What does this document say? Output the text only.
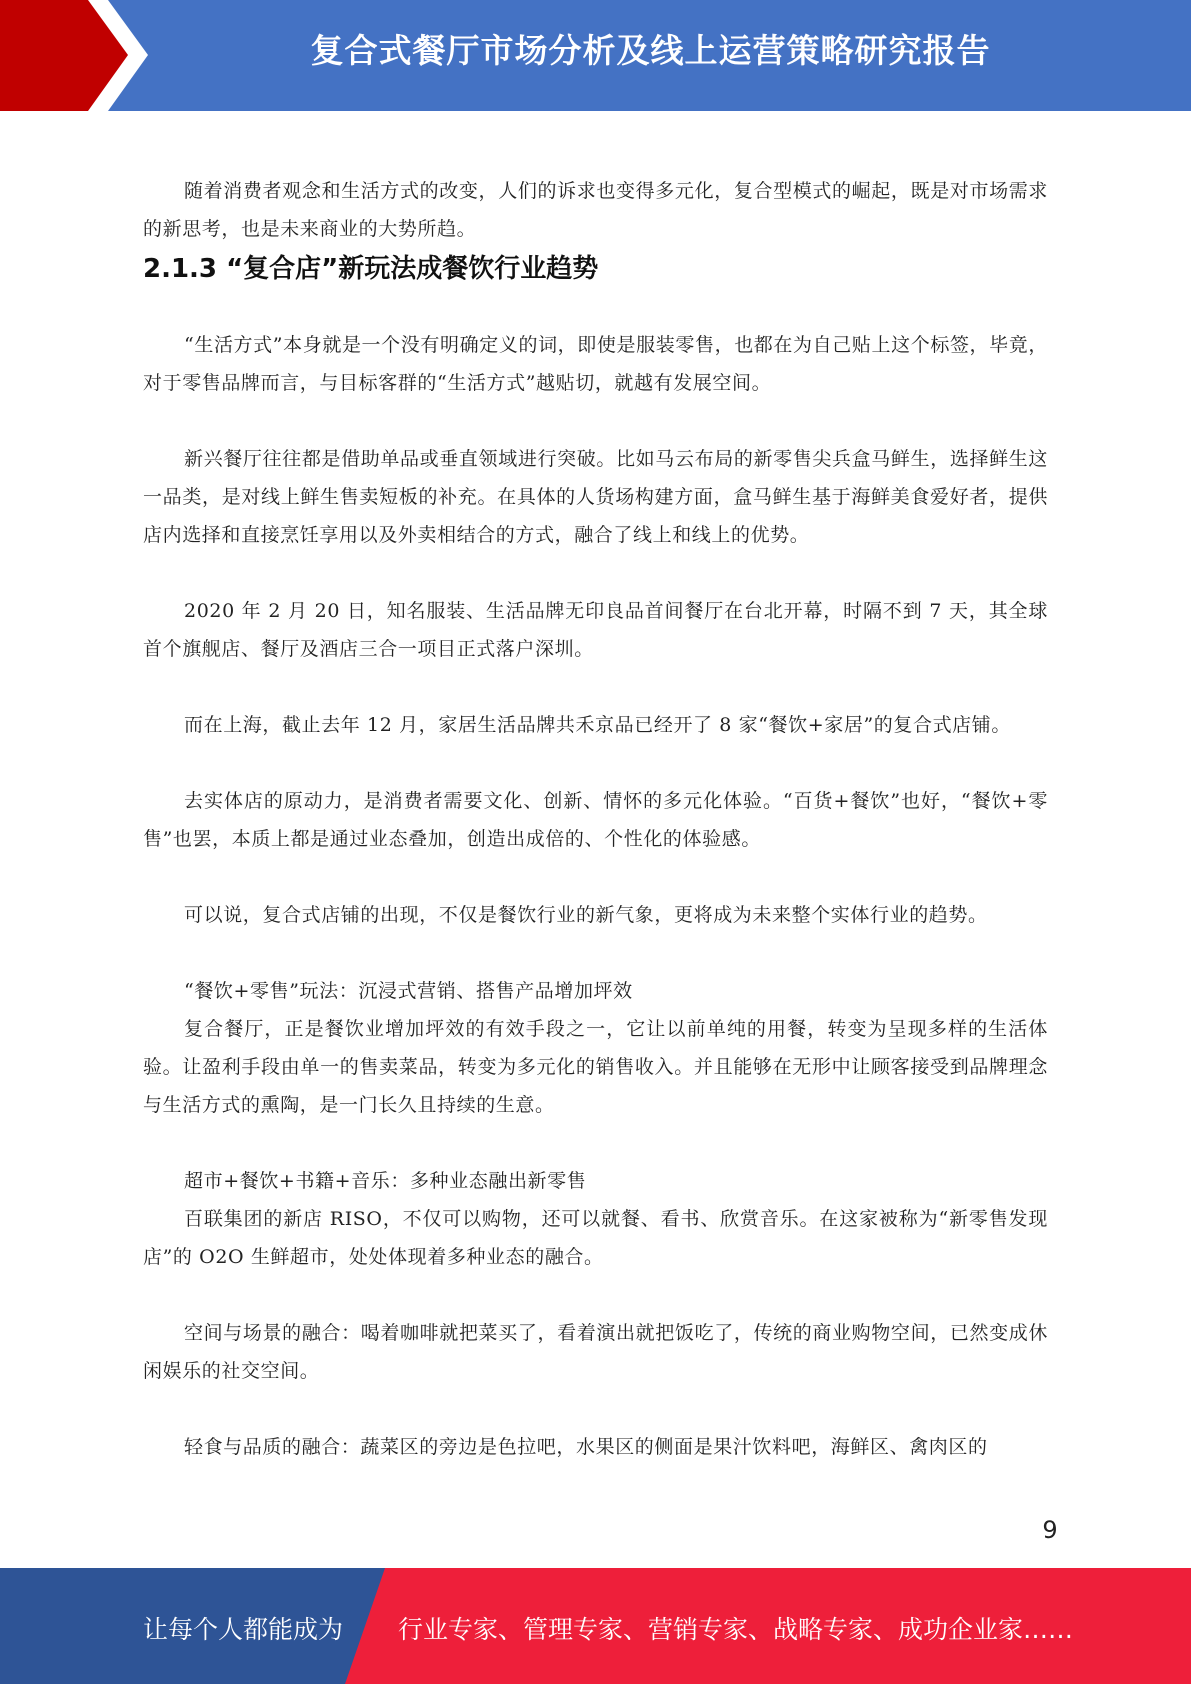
复合式餐厅市场分析及线上运营策略研究报告

随着消费者观念和生活方式的改变，人们的诉求也变得多元化，复合型模式的崛起，既是对市场需求的新思考，也是未来商业的大势所趋。

2.1.3 “复合店”新玩法成餐饮行业趋势

“生活方式”本身就是一个没有明确定义的词，即使是服装零售，也都在为自己贴上这个标签，毕竟，对于零售品牌而言，与目标客群的“生活方式”越贴切，就越有发展空间。

新兴餐厅往往都是借助单品或垂直领域进行突破。比如马云布局的新零售尖兵盒马鲜生，选择鲜生这一品类，是对线上鲜生售卖短板的补充。在具体的人货场构建方面，盒马鲜生基于海鲜美食爱好者，提供店内选择和直接烹饪享用以及外卖相结合的方式，融合了线上和线上的优势。

2020 年 2 月 20 日，知名服装、生活品牌无印良品首间餐厅在台北开幕，时隔不到 7 天，其全球首个旗舰店、餐厅及酒店三合一项目正式落户深圳。

而在上海，截止去年 12 月，家居生活品牌共禾京品已经开了 8 家“餐饮+家居”的复合式店铺。

去实体店的原动力，是消费者需要文化、创新、情怀的多元化体验。“百货+餐饮”也好，“餐饮+零售”也罢，本质上都是通过业态叠加，创造出成倍的、个性化的体验感。

可以说，复合式店铺的出现，不仅是餐饮行业的新气象，更将成为未来整个实体行业的趋势。

“餐饮+零售”玩法：沉浸式营销、搭售产品增加坪效

复合餐厅，正是餐饮业增加坪效的有效手段之一，它让以前单纯的用餐，转变为呈现多样的生活体验。让盈利手段由单一的售卖菜品，转变为多元化的销售收入。并且能够在无形中让顾客接受到品牌理念与生活方式的熏陶，是一门长久且持续的生意。

超市+餐饮+书籍+音乐：多种业态融出新零售

百联集团的新店 RISO，不仅可以购物，还可以就餐、看书、欣赏音乐。在这家被称为“新零售发现店”的 O2O 生鲜超市，处处体现着多种业态的融合。

空间与场景的融合：喝着咖啡就把菜买了，看着演出就把饭吃了，传统的商业购物空间，已然变成休闲娱乐的社交空间。

轻食与品质的融合：蔬菜区的旁边是色拉吧，水果区的侧面是果汁饮料吧，海鲜区、禽肉区的

9
让每个人都能成为 行业专家、管理专家、营销专家、战略专家、成功企业家……
